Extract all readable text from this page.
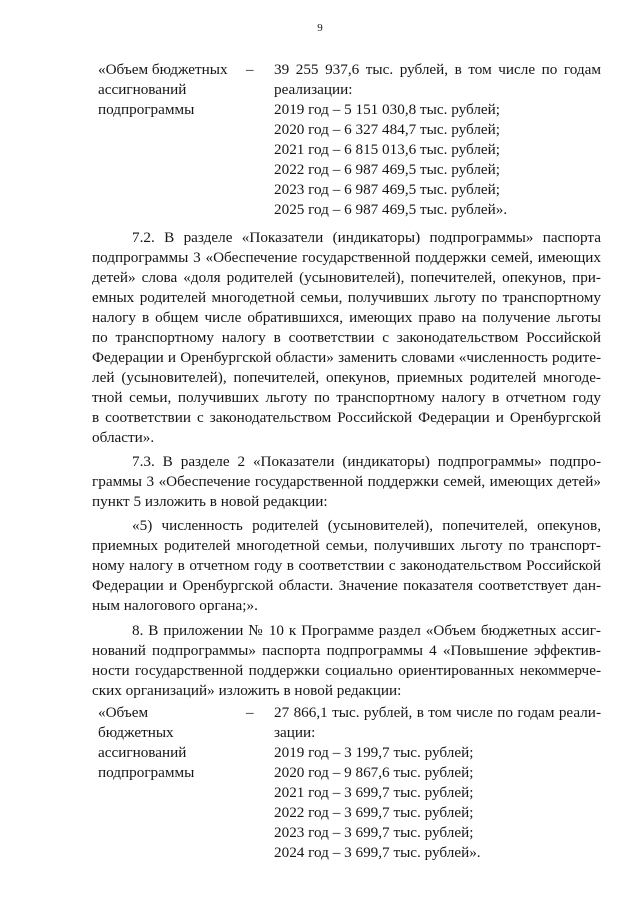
9

«Объем бюджетных

ассигнований

подпрограммы

– 39 255 937,6 тыс. рублей, в том числе по годам

реализации:

2019 год – 5 151 030,8 тыс. рублей;

2020 год – 6 327 484,7 тыс. рублей;

2021 год – 6 815 013,6 тыс. рублей;

2022 год – 6 987 469,5 тыс. рублей;

2023 год – 6 987 469,5 тыс. рублей;

2025 год – 6 987 469,5 тыс. рублей».

7.2. В разделе «Показатели (индикаторы) подпрограммы» паспорта

подпрограммы 3 «Обеспечение государственной поддержки семей, имеющих

детей» слова «доля родителей (усыновителей), попечителей, опекунов, при-

емных родителей многодетной семьи, получивших льготу по транспортному

налогу в общем числе обратившихся, имеющих право на получение льготы

по транспортному налогу в соответствии с законодательством Российской

Федерации и Оренбургской области» заменить словами «численность родите-

лей (усыновителей), попечителей, опекунов, приемных родителей многоде-

тной семьи, получивших льготу по транспортному налогу в отчетном году

в соответствии с законодательством Российской Федерации и Оренбургской

области».

7.3. В разделе 2 «Показатели (индикаторы) подпрограммы» подпро-

граммы 3 «Обеспечение государственной поддержки семей, имеющих детей»

пункт 5 изложить в новой редакции:

«5) численность родителей (усыновителей), попечителей, опекунов,

приемных родителей многодетной семьи, получивших льготу по транспорт-

ному налогу в отчетном году в соответствии с законодательством Российской

Федерации и Оренбургской области. Значение показателя соответствует дан-

ным налогового органа;».

8. В приложении № 10 к Программе раздел «Объем бюджетных ассиг-

нований подпрограммы» паспорта подпрограммы 4 «Повышение эффектив-

ности государственной поддержки социально ориентированных некоммерче-

ских организаций» изложить в новой редакции:

«Объем

бюджетных

ассигнований

подпрограммы

– 27 866,1 тыс. рублей, в том числе по годам реали-

зации:

2019 год – 3 199,7 тыс. рублей;

2020 год – 9 867,6 тыс. рублей;

2021 год – 3 699,7 тыс. рублей;

2022 год – 3 699,7 тыс. рублей;

2023 год – 3 699,7 тыс. рублей;

2024 год – 3 699,7 тыс. рублей».
